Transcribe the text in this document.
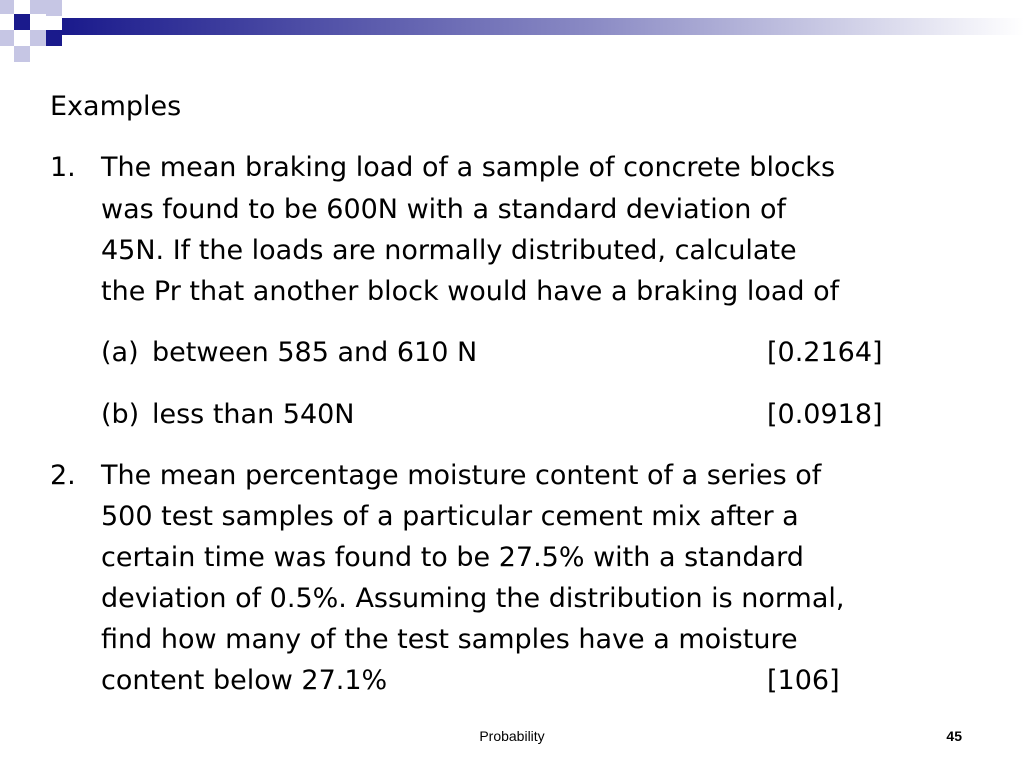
Examples
1. The mean braking load of a sample of concrete blocks
was found to be 600N with a standard deviation of
45N. If the loads are normally distributed, calculate
the Pr that another block would have a braking load of
(a) between 585 and 610 N	[0.2164]
(b) less than 540N	[0.0918]
2. The mean percentage moisture content of a series of
500 test samples of a particular cement mix after a
certain time was found to be 27.5% with a standard
deviation of 0.5%. Assuming the distribution is normal,
find how many of the test samples have a moisture
content below 27.1%	[106]
Probability	45
